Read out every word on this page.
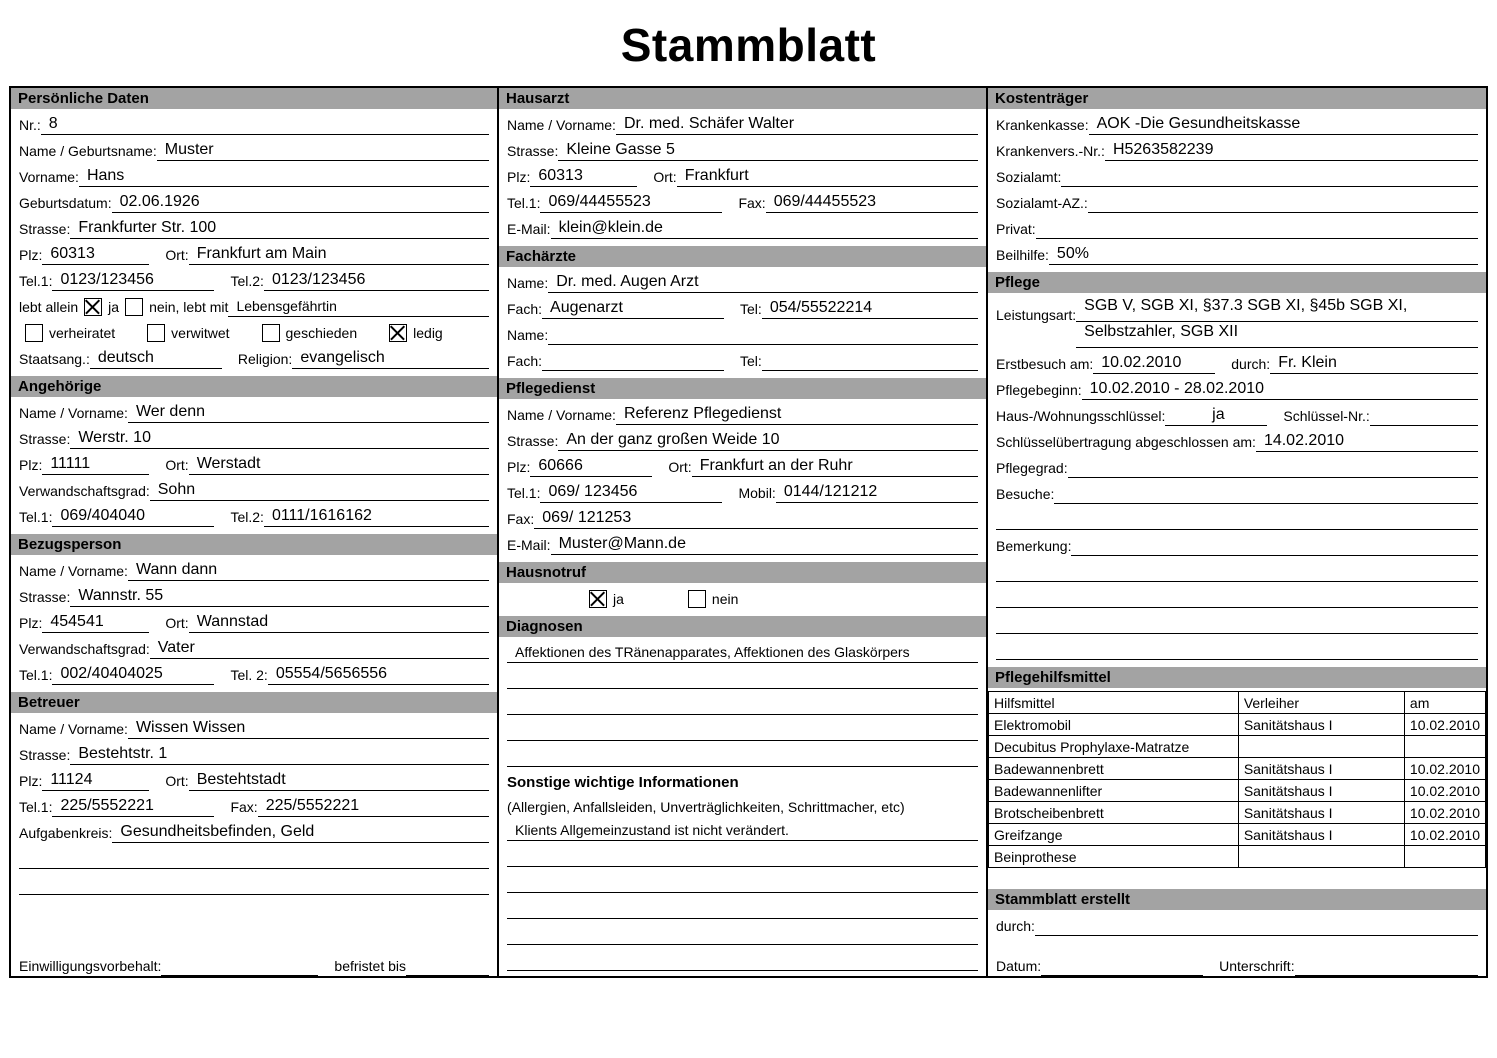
Stammblatt
Persönliche Daten
Nr.: 8
Name / Geburtsname: Muster
Vorname: Hans
Geburtsdatum: 02.06.1926
Strasse: Frankfurter Str. 100
Plz: 60313	Ort: Frankfurt am Main
Tel.1: 0123/123456	Tel.2: 0123/123456
lebt allein ja nein, lebt mit Lebensgefährtin
verheiratet	verwitwet	geschieden	ledig
Staatsang.: deutsch	Religion: evangelisch
Angehörige
Name / Vorname: Wer denn
Strasse: Werstr. 10
Plz: 11111	Ort: Werstadt
Verwandschaftsgrad: Sohn
Tel.1: 069/404040	Tel.2: 0111/1616162
Bezugsperson
Name / Vorname: Wann dann
Strasse: Wannstr. 55
Plz: 454541	Ort: Wannstad
Verwandschaftsgrad: Vater
Tel.1: 002/40404025	Tel. 2: 05554/5656556
Betreuer
Name / Vorname: Wissen Wissen
Strasse: Bestehtstr. 1
Plz: 11124	Ort: Bestehtstadt
Tel.1: 225/5552221	Fax: 225/5552221
Aufgabenkreis: Gesundheitsbefinden, Geld
Einwilligungsvorbehalt:	befristet bis
Hausarzt
Name / Vorname: Dr. med. Schäfer Walter
Strasse: Kleine Gasse 5
Plz: 60313	Ort: Frankfurt
Tel.1: 069/44455523	Fax: 069/44455523
E-Mail: klein@klein.de
Fachärzte
Name: Dr. med. Augen Arzt
Fach: Augenarzt	Tel: 054/55522214
Name:
Fach:	Tel:
Pflegedienst
Name / Vorname: Referenz Pflegedienst
Strasse: An der ganz großen Weide 10
Plz: 60666	Ort: Frankfurt an der Ruhr
Tel.1: 069/ 123456	Mobil: 0144/121212
Fax: 069/ 121253
E-Mail: Muster@Mann.de
Hausnotruf
ja	nein
Diagnosen
Affektionen des TRänenapparates, Affektionen des Glaskörpers
Sonstige wichtige Informationen
(Allergien, Anfallsleiden, Unverträglichkeiten, Schrittmacher, etc)
Klients Allgemeinzustand ist nicht verändert.
Kostenträger
Krankenkasse: AOK -Die Gesundheitskasse
Krankenvers.-Nr.: H5263582239
Sozialamt:
Sozialamt-AZ.:
Privat:
Beilhilfe: 50%
Pflege
Leistungsart:
SGB V, SGB XI, §37.3 SGB XI, §45b SGB XI,
Selbstzahler, SGB XII
Erstbesuch am: 10.02.2010	durch: Fr. Klein
Pflegebeginn: 10.02.2010 - 28.02.2010
Haus-/Wohnungsschlüssel:	ja	Schlüssel-Nr.:
Schlüsselübertragung abgeschlossen am: 14.02.2010
Pflegegrad:
Besuche:
Bemerkung:
Pflegehilfsmittel
Hilfsmittel	Verleiher	am
Elektromobil	Sanitätshaus I	10.02.2010
Decubitus Prophylaxe-Matratze		
Badewannenbrett	Sanitätshaus I	10.02.2010
Badewannenlifter	Sanitätshaus I	10.02.2010
Brotscheibenbrett	Sanitätshaus I	10.02.2010
Greifzange	Sanitätshaus I	10.02.2010
Beinprothese		
Stammblatt erstellt
durch:
Datum:	Unterschrift:
